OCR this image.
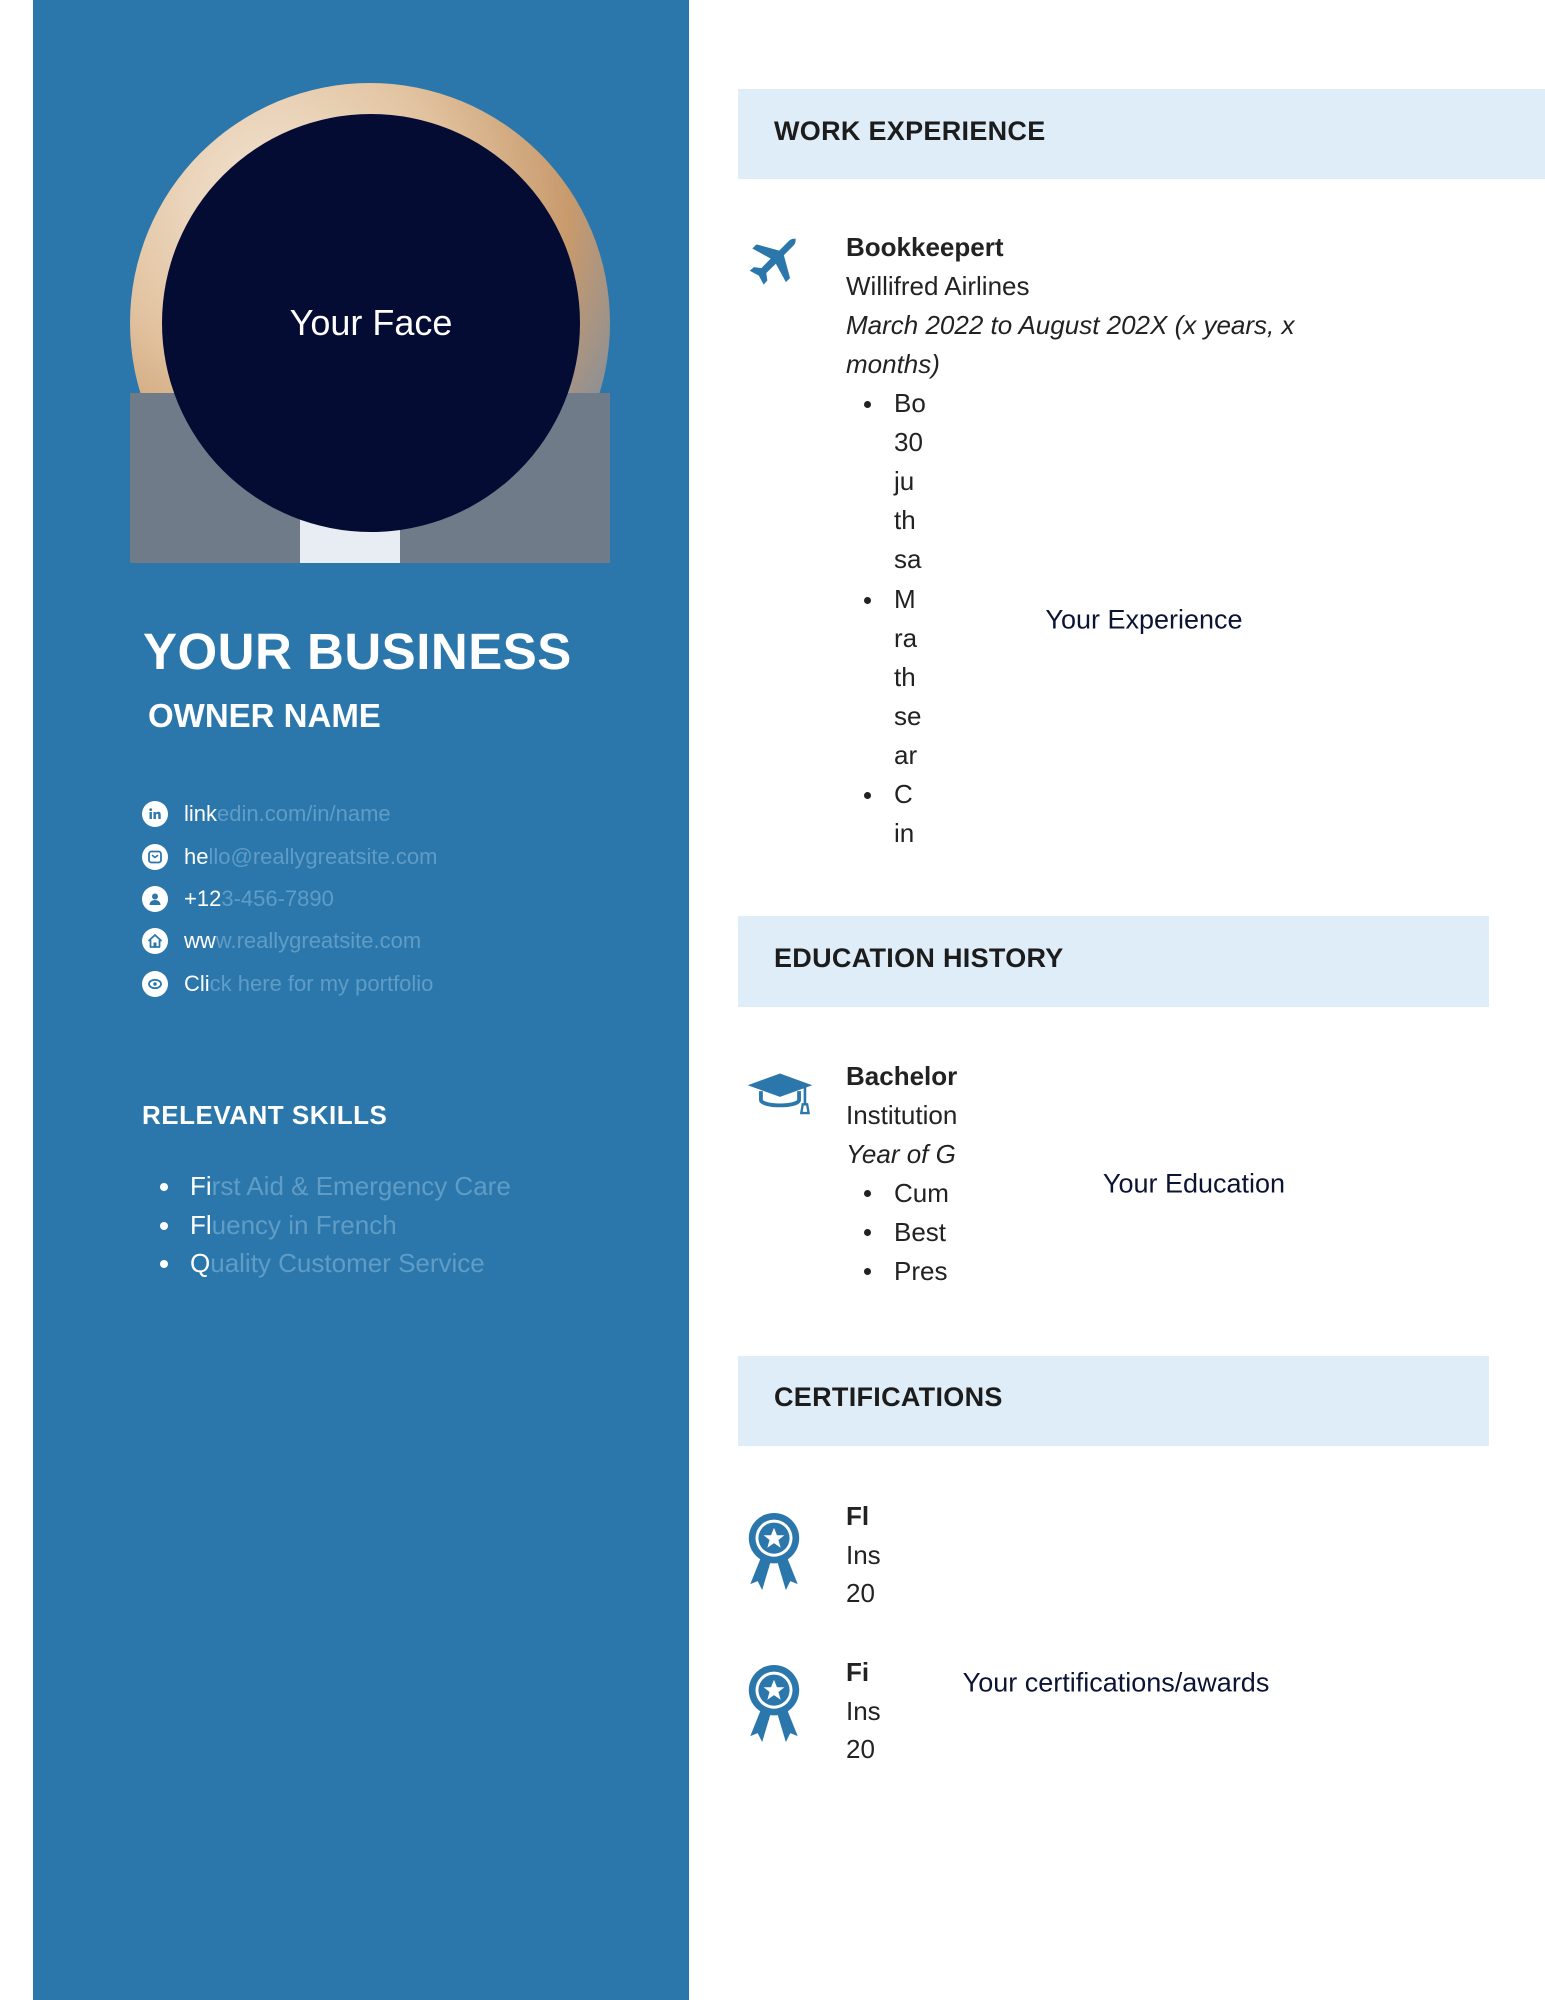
Your Face
YOUR BUSINESS
OWNER NAME
linkedin.com/in/name
hello@reallygreatsite.com
+123-456-7890
www.reallygreatsite.com
Click here for my portfolio
RELEVANT SKILLS
Fi rst Aid & Emergency Care
Fl uency in French
Q uality Customer Service
WORK EXPERIENCE
Bookkeepert
Willifred Airlines
March 2022 to August 202X (x years, x
months)
Bo
30
ju
th
sa
M
ra
th
se
ar
C
in
Your Experience
EDUCATION HISTORY
Bachelor
Institution
Year of G
Cum
Best
Pres
Your Education
CERTIFICATIONS
Fl
Ins
20
Fi
Ins
20
Your certifications/awards
